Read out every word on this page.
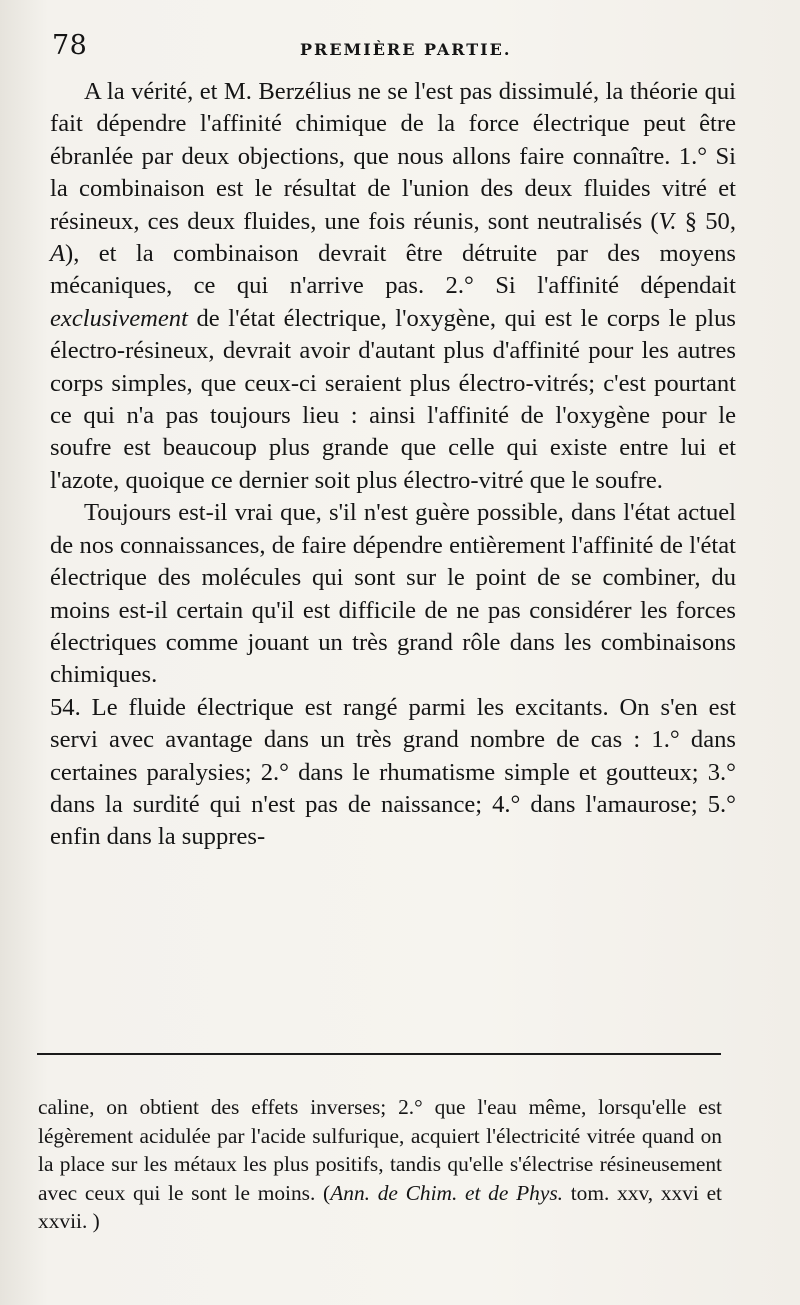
78	PREMIÈRE PARTIE.

A la vérité, et M. Berzélius ne se l'est pas dissimulé, la théorie qui fait dépendre l'affinité chimique de la force électrique peut être ébranlée par deux objections, que nous allons faire connaître. 1.° Si la combinaison est le résultat de l'union des deux fluides vitré et résineux, ces deux fluides, une fois réunis, sont neutralisés (V. § 50, A), et la combinaison devrait être détruite par des moyens mécaniques, ce qui n'arrive pas. 2.° Si l'affinité dépendait exclusivement de l'état électrique, l'oxygène, qui est le corps le plus électro-résineux, devrait avoir d'autant plus d'affinité pour les autres corps simples, que ceux-ci seraient plus électro-vitrés; c'est pourtant ce qui n'a pas toujours lieu : ainsi l'affinité de l'oxygène pour le soufre est beaucoup plus grande que celle qui existe entre lui et l'azote, quoique ce dernier soit plus électro-vitré que le soufre.

Toujours est-il vrai que, s'il n'est guère possible, dans l'état actuel de nos connaissances, de faire dépendre entièrement l'affinité de l'état électrique des molécules qui sont sur le point de se combiner, du moins est-il certain qu'il est difficile de ne pas considérer les forces électriques comme jouant un très grand rôle dans les combinaisons chimiques.

54. Le fluide électrique est rangé parmi les excitants. On s'en est servi avec avantage dans un très grand nombre de cas : 1.° dans certaines paralysies; 2.° dans le rhumatisme simple et goutteux; 3.° dans la surdité qui n'est pas de naissance; 4.° dans l'amaurose; 5.° enfin dans la suppres-

caline, on obtient des effets inverses; 2.° que l'eau même, lorsqu'elle est légèrement acidulée par l'acide sulfurique, acquiert l'électricité vitrée quand on la place sur les métaux les plus positifs, tandis qu'elle s'électrise résineusement avec ceux qui le sont le moins. (Ann. de Chim. et de Phys. tom. xxv, xxvi et xxvii. )
